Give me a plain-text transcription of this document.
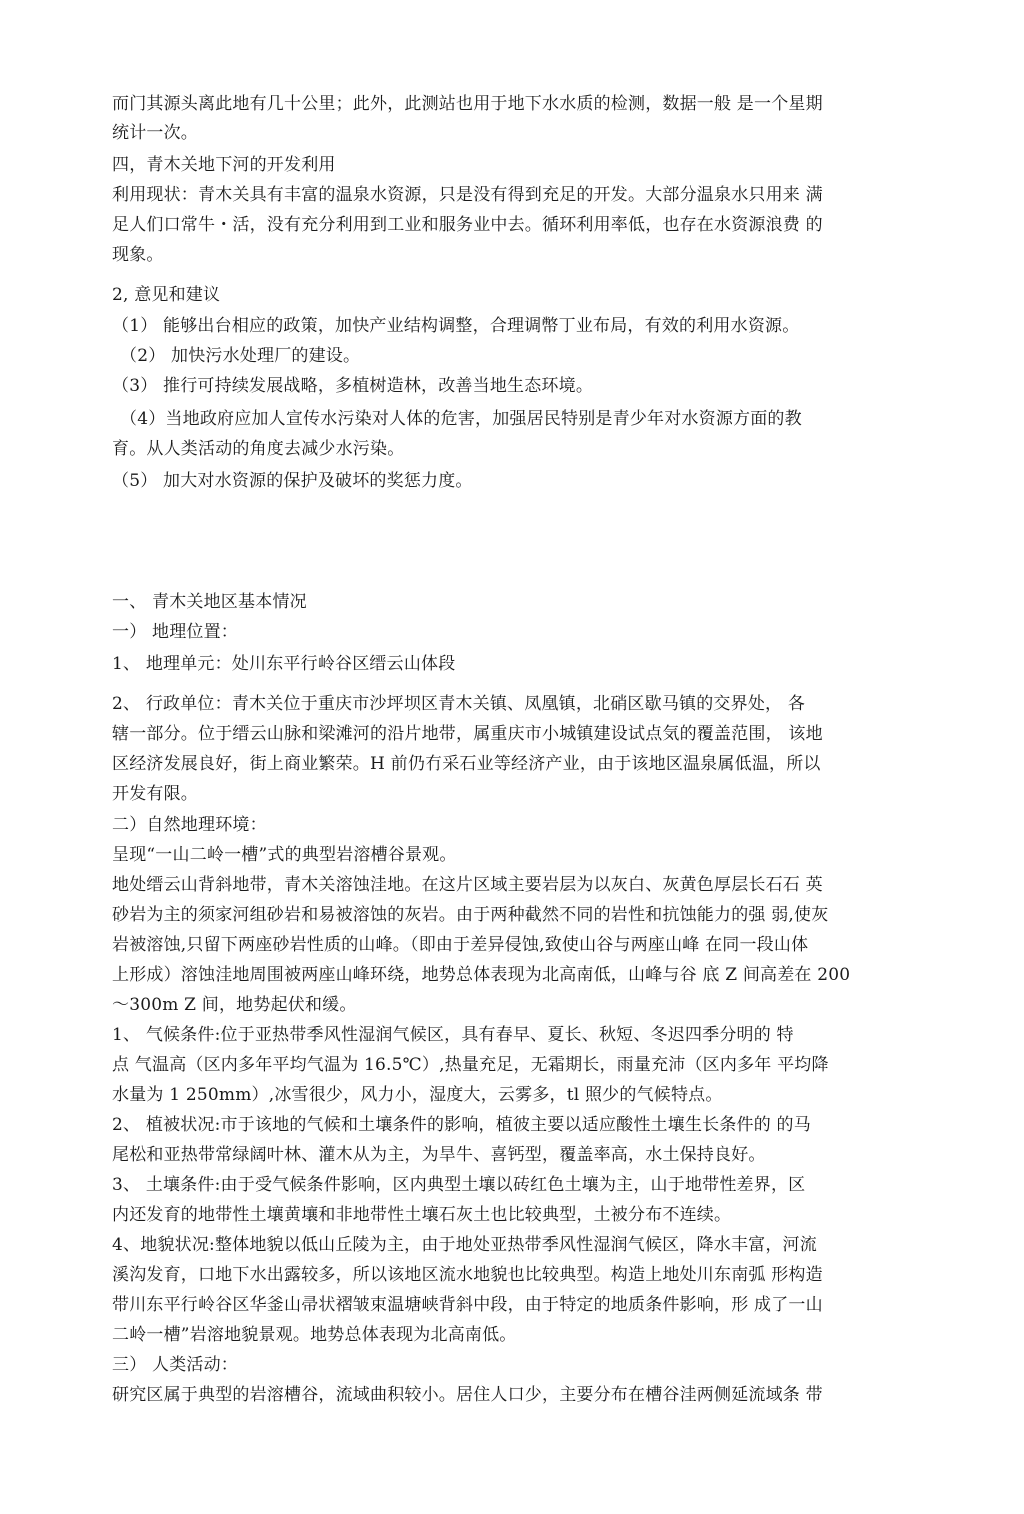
而门其源头离此地有几十公里；此外，此测站也用于地下水水质的检测，数据一般 是一个星期
统计一次。
四，青木关地下河的开发利用
利用现状：青木关具有丰富的温泉水资源，只是没有得到充足的开发。大部分温泉水只用来 满
足人们口常牛・活，没有充分利用到工业和服务业中去。循环利用率低，也存在水资源浪费 的
现象。
2, 意见和建议
（1） 能够出台相应的政策，加快产业结构调整，合理调幣丁业布局，有效的利用水资源。
（2） 加快污水处理厂的建设。
（3） 推行可持续发展战略，多植树造林，改善当地生态环境。
（4）当地政府应加人宣传水污染对人体的危害，加强居民特别是青少年对水资源方面的教
育。从人类活动的角度去减少水污染。
（5） 加大对水资源的保护及破坏的奖惩力度。
一、 青木关地区基本情况
一） 地理位置：
1、 地理单元：处川东平行岭谷区缙云山体段
2、 行政单位：青木关位于重庆市沙坪坝区青木关镇、凤凰镇，北硝区歇马镇的交界处， 各
辖一部分。位于缙云山脉和梁滩河的沿片地带，属重庆市小城镇建设试点気的覆盖范围， 该地
区经济发展良好，街上商业繁荣。H 前仍冇采石业等经济产业，由于该地区温泉属低温，所以
开发有限。
二）自然地理环境：
呈现“一山二岭一槽”式的典型岩溶槽谷景观。
地处缙云山背斜地带，青木关溶蚀洼地。在这片区域主要岩层为以灰白、灰黄色厚层长石石 英
砂岩为主的须家河组砂岩和易被溶蚀的灰岩。由于两种截然不同的岩性和抗蚀能力的强 弱,使灰
岩被溶蚀,只留下两座砂岩性质的山峰。（即由于差异侵蚀,致使山谷与两座山峰 在同一段山体
上形成）溶蚀洼地周围被两座山峰环绕，地势总体表现为北高南低，山峰与谷 底 Z 间高差在 200
～300m Z 间，地势起伏和缓。
1、 气候条件:位于亚热带季风性湿润气候区，具有春早、夏长、秋短、冬迟四季分明的 特
点 气温高（区内多年平均气温为 16.5℃）,热量充足，无霜期长，雨量充沛（区内多年 平均降
水量为 1 250mm）,冰雪很少，风力小，湿度大，云雾多，tl 照少的气候特点。
2、 植被状况:市于该地的气候和土壤条件的影响，植彼主要以适应酸性土壤生长条件的 的马
尾松和亚热带常绿阔叶林、灌木从为主，为旱牛、喜钙型，覆盖率高，水土保持良好。
3、 土壤条件:由于受气候条件影响，区内典型土壤以砖红色土壤为主，山于地带性差界，区
内还发育的地带性土壤黄壤和非地带性土壤石灰土也比较典型，土被分布不连续。
4、地貌状况:整体地貌以低山丘陵为主，由于地处亚热带季风性湿润气候区，降水丰富，河流
溪沟发育，口地下水出露较多，所以该地区流水地貌也比较典型。构造上地处川东南弧 形构造
带川东平行岭谷区华釜山帚状褶皱束温塘峡背斜中段，由于特定的地质条件影响，形 成了一山
二岭一槽”岩溶地貌景观。地势总体表现为北高南低。
三） 人类活动：
研究区属于典型的岩溶槽谷，流域曲积较小。居住人口少，主要分布在槽谷洼两侧延流域条 带
